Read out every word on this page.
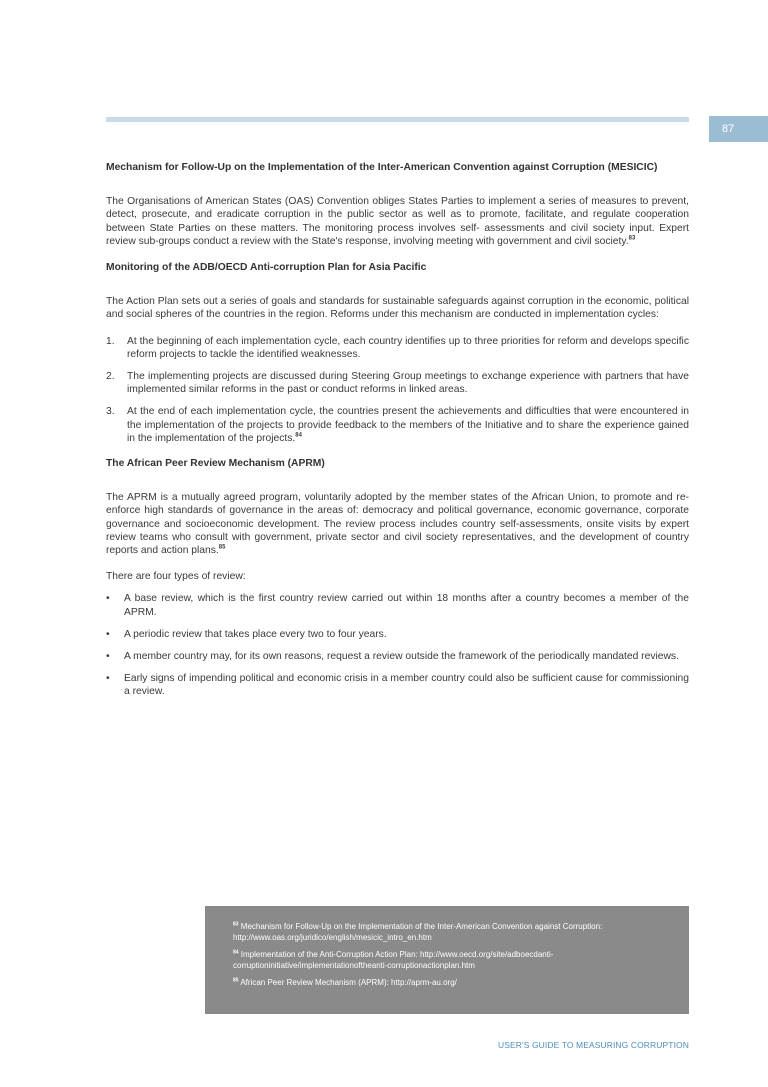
87

Mechanism for Follow-Up on the Implementation of the Inter-American Convention against Corruption (MESICIC)

The Organisations of American States (OAS) Convention obliges States Parties to implement a series of measures to prevent, detect, prosecute, and eradicate corruption in the public sector as well as to promote, facilitate, and regulate cooperation between State Parties on these matters. The monitoring process involves self- assessments and civil society input. Expert review sub-groups conduct a review with the State's response, involving meeting with government and civil society.$^{83}$

Monitoring of the ADB/OECD Anti-corruption Plan for Asia Pacific

The Action Plan sets out a series of goals and standards for sustainable safeguards against corruption in the economic, political and social spheres of the countries in the region. Reforms under this mechanism are conducted in implementation cycles:

1. At the beginning of each implementation cycle, each country identifies up to three priorities for reform and develops specific reform projects to tackle the identified weaknesses.
2. The implementing projects are discussed during Steering Group meetings to exchange experience with partners that have implemented similar reforms in the past or conduct reforms in linked areas.
3. At the end of each implementation cycle, the countries present the achievements and difficulties that were encountered in the implementation of the projects to provide feedback to the members of the Initiative and to share the experience gained in the implementation of the projects.$^{84}$

The African Peer Review Mechanism (APRM)

The APRM is a mutually agreed program, voluntarily adopted by the member states of the African Union, to promote and re-enforce high standards of governance in the areas of: democracy and political governance, economic governance, corporate governance and socioeconomic development. The review process includes country self-assessments, onsite visits by expert review teams who consult with government, private sector and civil society representatives, and the development of country reports and action plans.$^{85}$

There are four types of review:

• A base review, which is the first country review carried out within 18 months after a country becomes a member of the APRM.
• A periodic review that takes place every two to four years.
• A member country may, for its own reasons, request a review outside the framework of the periodically mandated reviews.
• Early signs of impending political and economic crisis in a member country could also be sufficient cause for commissioning a review.

$^{83}$ Mechanism for Follow-Up on the Implementation of the Inter-American Convention against Corruption: http://www.oas.org/juridico/english/mesicic_intro_en.htm

$^{84}$ Implementation of the Anti-Corruption Action Plan: http://www.oecd.org/site/adboecdanti-corruptioninitiative/implementationoftheanti-corruptionactionplan.htm

$^{85}$ African Peer Review Mechanism (APRM): http://aprm-au.org/

USER'S GUIDE TO MEASURING CORRUPTION
